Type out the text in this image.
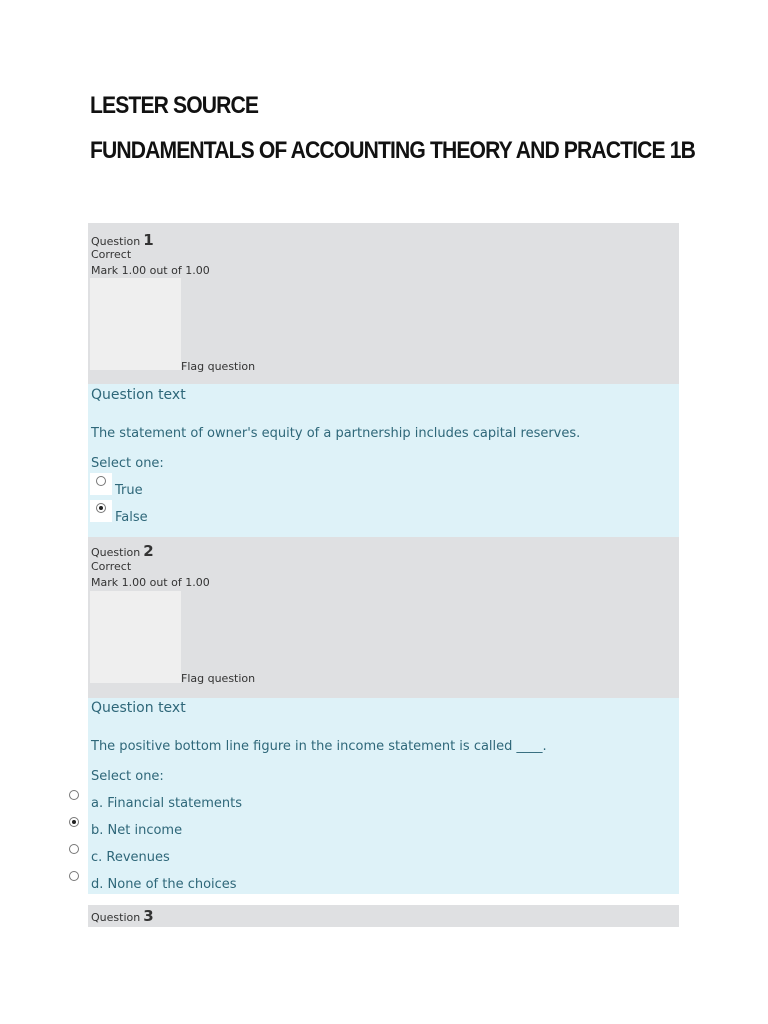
LESTER SOURCE
FUNDAMENTALS OF ACCOUNTING THEORY AND PRACTICE 1B
Question 1
Correct
Mark 1.00 out of 1.00
Flag question
Question text
The statement of owner's equity of a partnership includes capital reserves.
Select one:
True
False
Question 2
Correct
Mark 1.00 out of 1.00
Flag question
Question text
The positive bottom line figure in the income statement is called ____.
Select one:
a. Financial statements
b. Net income
c. Revenues
d. None of the choices
Question 3
